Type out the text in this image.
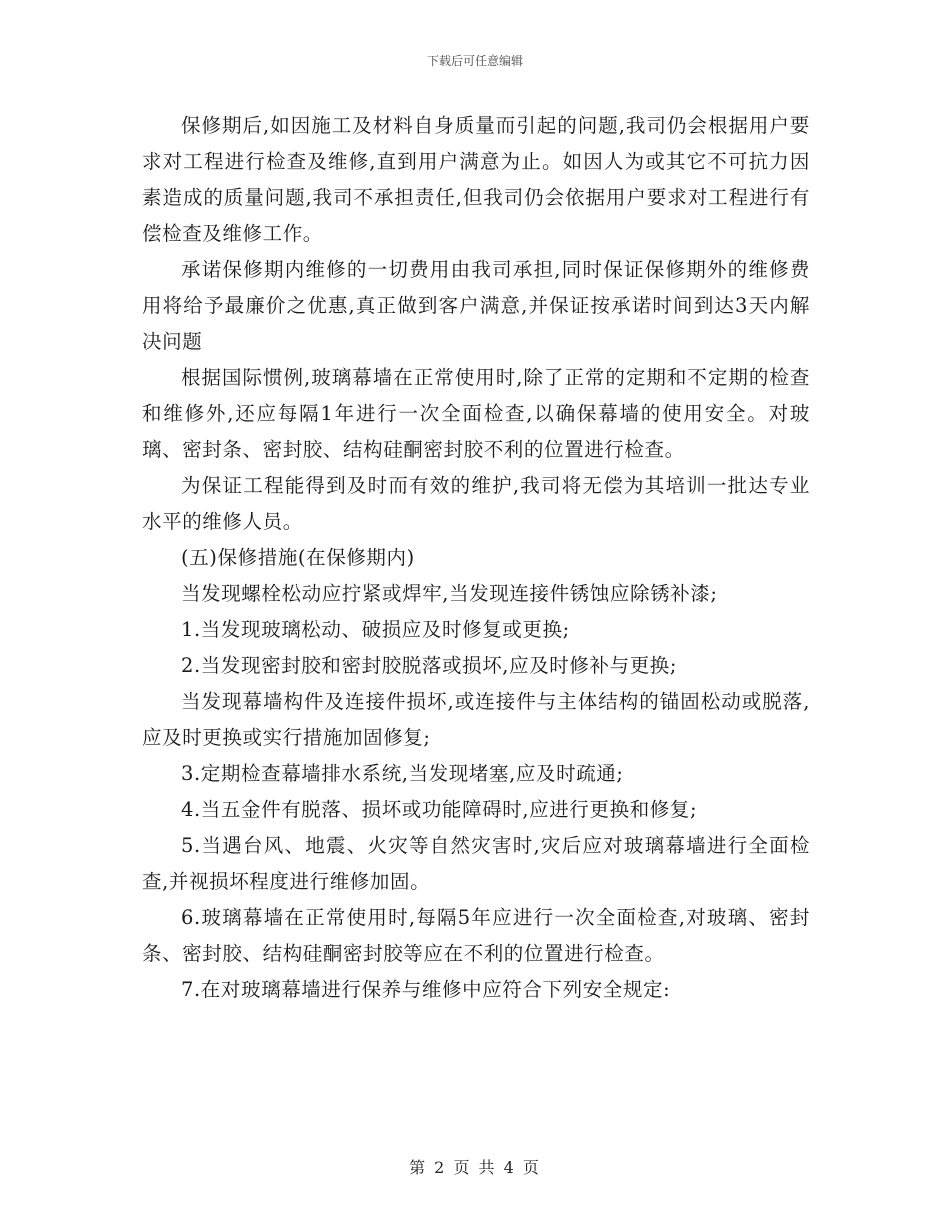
下载后可任意编辑

保修期后,如因施工及材料自身质量而引起的问题,我司仍会根据用户要求对工程进行检查及维修,直到用户满意为止。如因人为或其它不可抗力因素造成的质量问题,我司不承担责任,但我司仍会依据用户要求对工程进行有偿检查及维修工作。

承诺保修期内维修的一切费用由我司承担,同时保证保修期外的维修费用将给予最廉价之优惠,真正做到客户满意,并保证按承诺时间到达3天内解决问题

根据国际惯例,玻璃幕墙在正常使用时,除了正常的定期和不定期的检查和维修外,还应每隔1年进行一次全面检查,以确保幕墙的使用安全。对玻璃、密封条、密封胶、结构硅酮密封胶不利的位置进行检查。

为保证工程能得到及时而有效的维护,我司将无偿为其培训一批达专业水平的维修人员。

(五)保修措施(在保修期内)

当发现螺栓松动应拧紧或焊牢,当发现连接件锈蚀应除锈补漆;

1.当发现玻璃松动、破损应及时修复或更换;

2.当发现密封胶和密封胶脱落或损坏,应及时修补与更换;

当发现幕墙构件及连接件损坏,或连接件与主体结构的锚固松动或脱落,应及时更换或实行措施加固修复;

3.定期检查幕墙排水系统,当发现堵塞,应及时疏通;

4.当五金件有脱落、损坏或功能障碍时,应进行更换和修复;

5.当遇台风、地震、火灾等自然灾害时,灾后应对玻璃幕墙进行全面检查,并视损坏程度进行维修加固。

6.玻璃幕墙在正常使用时,每隔5年应进行一次全面检查,对玻璃、密封条、密封胶、结构硅酮密封胶等应在不利的位置进行检查。

7.在对玻璃幕墙进行保养与维修中应符合下列安全规定:

第 2 页 共 4 页
